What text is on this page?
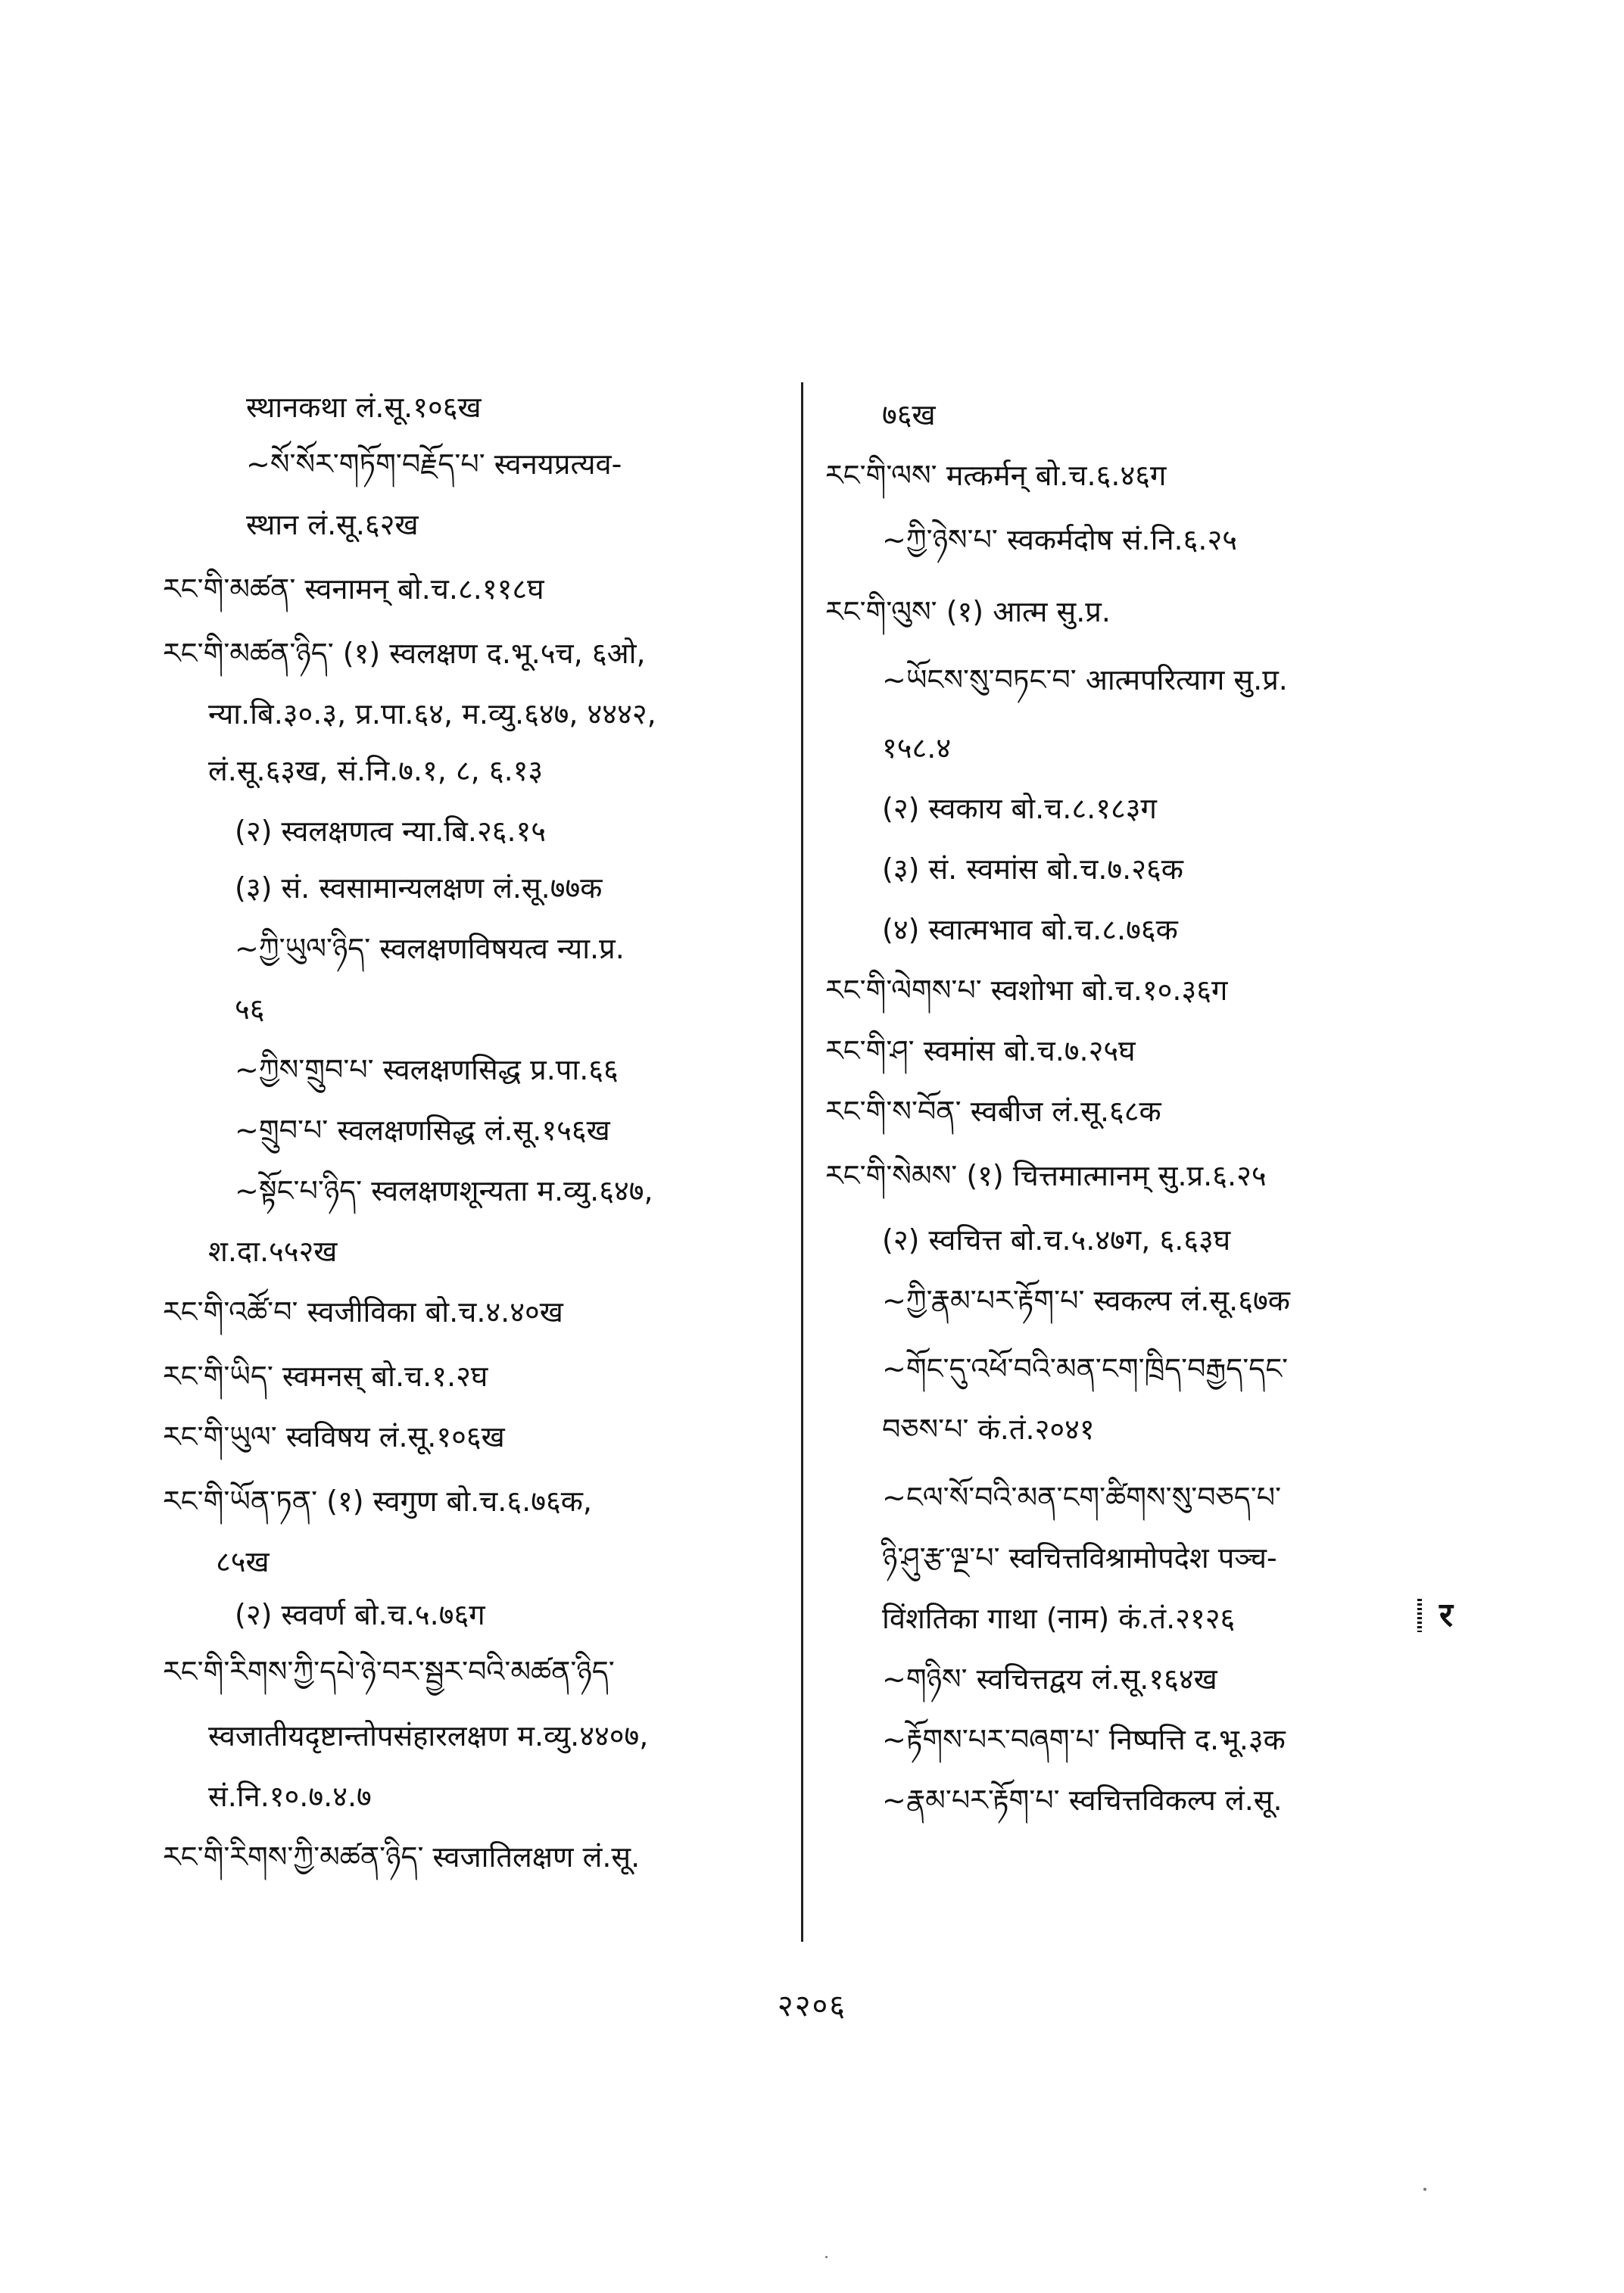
स्थानकथा लं.सू.१०६ख
~སོ་སོར་གཏོག་བརྗོད་པ་ स्वनयप्रत्यव-
स्थान लं.सू.६२ख
རང་གི་མཚན་ स्वनामन् बो.च.८.११८घ
རང་གི་མཚན་ཉིད་ (१) स्वलक्षण द.भू.५च, ६ओ,
न्या.बि.३०.३, प्र.पा.६४, म.व्यु.६४७, ४४४२,
लं.सू.६३ख, सं.नि.७.१, ८, ६.१३
(२) स्वलक्षणत्व न्या.बि.२६.१५
(३) सं. स्वसामान्यलक्षण लं.सू.७७क
~ཀྱི་ཡུལ་ཉིད་ स्वलक्षणविषयत्व न्या.प्र.
५६
~ཀྱིས་གྲུབ་པ་ स्वलक्षणसिद्ध प्र.पा.६६
~གྲུབ་པ་ स्वलक्षणसिद्ध लं.सू.१५६ख
~སྟོང་པ་ཉིད་ स्वलक्षणशून्यता म.व्यु.६४७,
श.दा.५५२ख
རང་གི་འཚོ་བ་ स्वजीविका बो.च.४.४०ख
རང་གི་ཡིད་ स्वमनस् बो.च.१.२घ
རང་གི་ཡུལ་ स्वविषय लं.सू.१०६ख
རང་གི་ཡོན་ཏན་ (१) स्वगुण बो.च.६.७६क,
८५ख
(२) स्ववर्ण बो.च.५.७६ग
རང་གི་རིགས་ཀྱི་དཔེ་ཉེ་བར་སྦྱར་བའི་མཚན་ཉིད་
स्वजातीयदृष्टान्तोपसंहारलक्षण म.व्यु.४४०७,
सं.नि.१०.७.४.७
རང་གི་རིགས་ཀྱི་མཚན་ཉིད་ स्वजातिलक्षण लं.सू.
७६ख
རང་གི་ལས་ मत्कर्मन् बो.च.६.४६ग
~ཀྱི་ཉེས་པ་ स्वकर्मदोष सं.नि.६.२५
རང་གི་ལུས་ (१) आत्म सु.प्र.
~ཡོངས་སུ་བཏང་བ་ आत्मपरित्याग सु.प्र.
१५८.४
(२) स्वकाय बो.च.८.१८३ग
(३) सं. स्वमांस बो.च.७.२६क
(४) स्वात्मभाव बो.च.८.७६क
རང་གི་ལེགས་པ་ स्वशोभा बो.च.१०.३६ग
རང་གི་ཤ་ स्वमांस बो.च.७.२५घ
རང་གི་ས་བོན་ स्वबीज लं.सू.६८क
རང་གི་སེམས་ (१) चित्तमात्मानम् सु.प्र.६.२५
(२) स्वचित्त बो.च.५.४७ग, ६.६३घ
~ཀྱི་རྣམ་པར་རྟོག་པ་ स्वकल्प लं.सू.६७क
~གོང་དུ་འཕོ་བའི་མན་ངག་ཁྲིད་བརྒྱད་དང་
བཅས་པ་ कं.तं.२०४१
~ངལ་སོ་བའི་མན་ངག་ཚིགས་སུ་བཅད་པ་
ཉི་ཤུ་རྩ་ལྔ་པ་ स्वचित्तविश्रामोपदेश पञ्च-
विंशतिका गाथा (नाम) कं.तं.२१२६
~གཉིས་ स्वचित्तद्वय लं.सू.१६४ख
~རྟོགས་པར་བཞག་པ་ निष्पत्ति द.भू.३क
~རྣམ་པར་རྟོག་པ་ स्वचित्तविकल्प लं.सू.
र
२२०६
